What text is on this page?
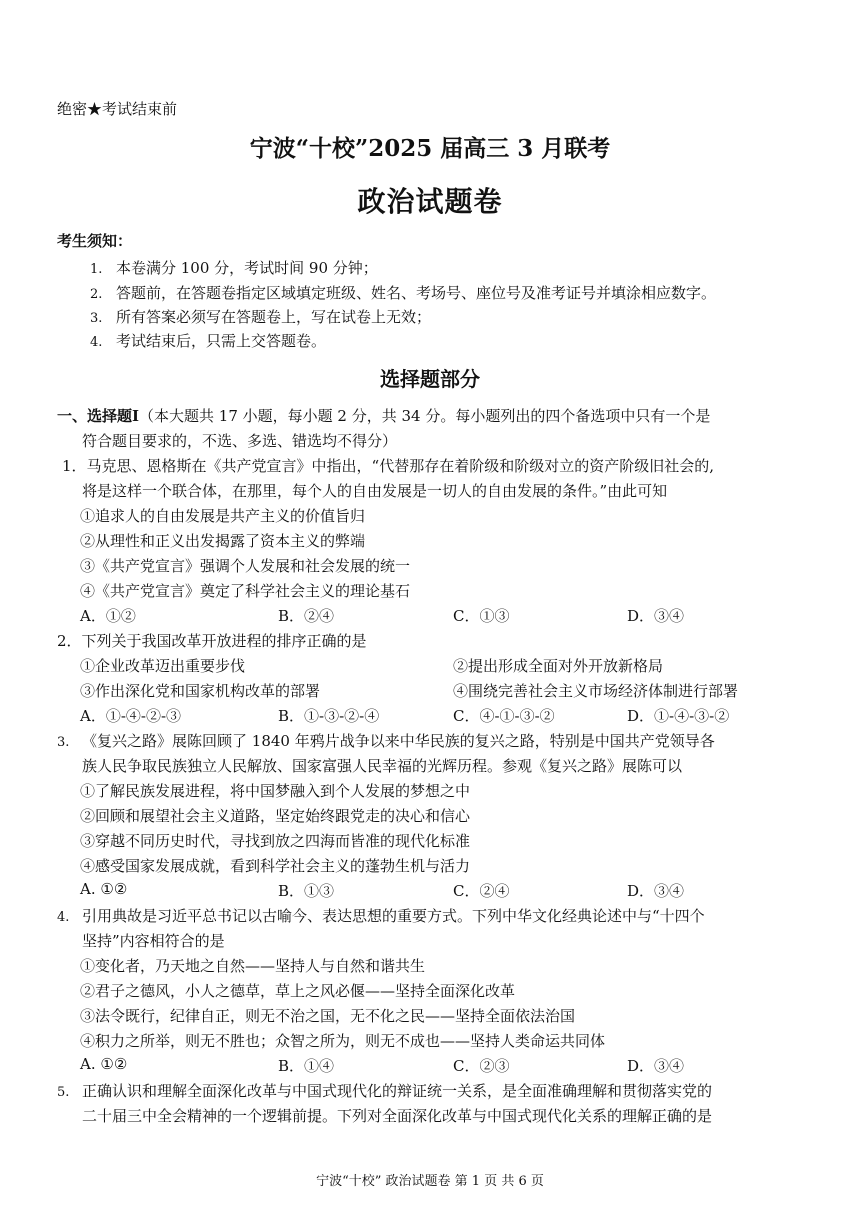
绝密★考试结束前
宁波“十校”2025 届高三 3 月联考
政治试题卷
考生须知：
1. 本卷满分 100 分，考试时间 90 分钟；
2. 答题前，在答题卷指定区域填定班级、姓名、考场号、座位号及准考证号并填涂相应数字。
3. 所有答案必须写在答题卷上，写在试卷上无效；
4. 考试结束后，只需上交答题卷。
选择题部分
一、选择题Ⅰ（本大题共 17 小题，每小题 2 分，共 34 分。每小题列出的四个备选项中只有一个是
符合题目要求的，不选、多选、错选均不得分）
1．马克思、恩格斯在《共产党宣言》中指出，“代替那存在着阶级和阶级对立的资产阶级旧社会的,
将是这样一个联合体，在那里，每个人的自由发展是一切人的自由发展的条件。”由此可知
①追求人的自由发展是共产主义的价值旨归
②从理性和正义出发揭露了资本主义的弊端
③《共产党宣言》强调个人发展和社会发展的统一
④《共产党宣言》奠定了科学社会主义的理论基石
A．①②	B．②④	C．①③	D．③④
2．下列关于我国改革开放进程的排序正确的是
①企业改革迈出重要步伐	②提出形成全面对外开放新格局
③作出深化党和国家机构改革的部署	④围绕完善社会主义市场经济体制进行部署
A．①-④-②-③	B．①-③-②-④	C．④-①-③-②	D．①-④-③-②
3. 《复兴之路》展陈回顾了 1840 年鸦片战争以来中华民族的复兴之路，特别是中国共产党领导各
族人民争取民族独立人民解放、国家富强人民幸福的光辉历程。参观《复兴之路》展陈可以
①了解民族发展进程，将中国梦融入到个人发展的梦想之中
②回顾和展望社会主义道路，坚定始终跟党走的决心和信心
③穿越不同历史时代，寻找到放之四海而皆准的现代化标准
④感受国家发展成就，看到科学社会主义的蓬勃生机与活力
A. ①②	B．①③	C．②④	D．③④
4. 引用典故是习近平总书记以古喻今、表达思想的重要方式。下列中华文化经典论述中与“十四个
坚持”内容相符合的是
①变化者，乃天地之自然——坚持人与自然和谐共生
②君子之德风，小人之德草，草上之风必偃——坚持全面深化改革
③法令既行，纪律自正，则无不治之国，无不化之民——坚持全面依法治国
④积力之所举，则无不胜也；众智之所为，则无不成也——坚持人类命运共同体
A. ①②	B．①④	C．②③	D．③④
5. 正确认识和理解全面深化改革与中国式现代化的辩证统一关系，是全面准确理解和贯彻落实党的
二十届三中全会精神的一个逻辑前提。下列对全面深化改革与中国式现代化关系的理解正确的是
宁波“十校” 政治试题卷 第 1 页 共 6 页
